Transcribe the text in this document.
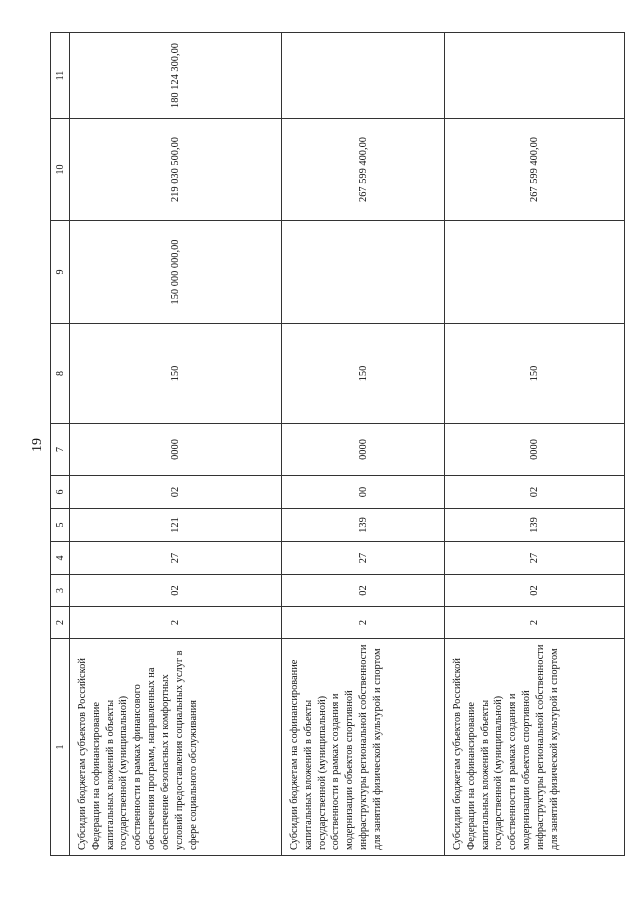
19
1	2	3	4	5	6	7	8	9	10	11
Субсидии бюджетам субъектов Российской Федерации на софинансирование капитальных вложений в объекты государственной (муниципальной) собственности в рамках финансового обеспечения программ, направленных на обеспечение безопасных и комфортных условий предоставления социальных услуг в сфере социального обслуживания	2	02	27	121	02	0000	150	150 000 000,00	219 030 500,00	180 124 300,00
Субсидии бюджетам на софинансирование капитальных вложений в объекты государственной (муниципальной) собственности в рамках создания и модернизации объектов спортивной инфраструктуры региональной собственности для занятий физической культурой и спортом	2	02	27	139	00	0000	150		267 599 400,00	
Субсидии бюджетам субъектов Российской Федерации на софинансирование капитальных вложений в объекты государственной (муниципальной) собственности в рамках создания и модернизации объектов спортивной инфраструктуры региональной собственности для занятий физической культурой и спортом	2	02	27	139	02	0000	150		267 599 400,00	
